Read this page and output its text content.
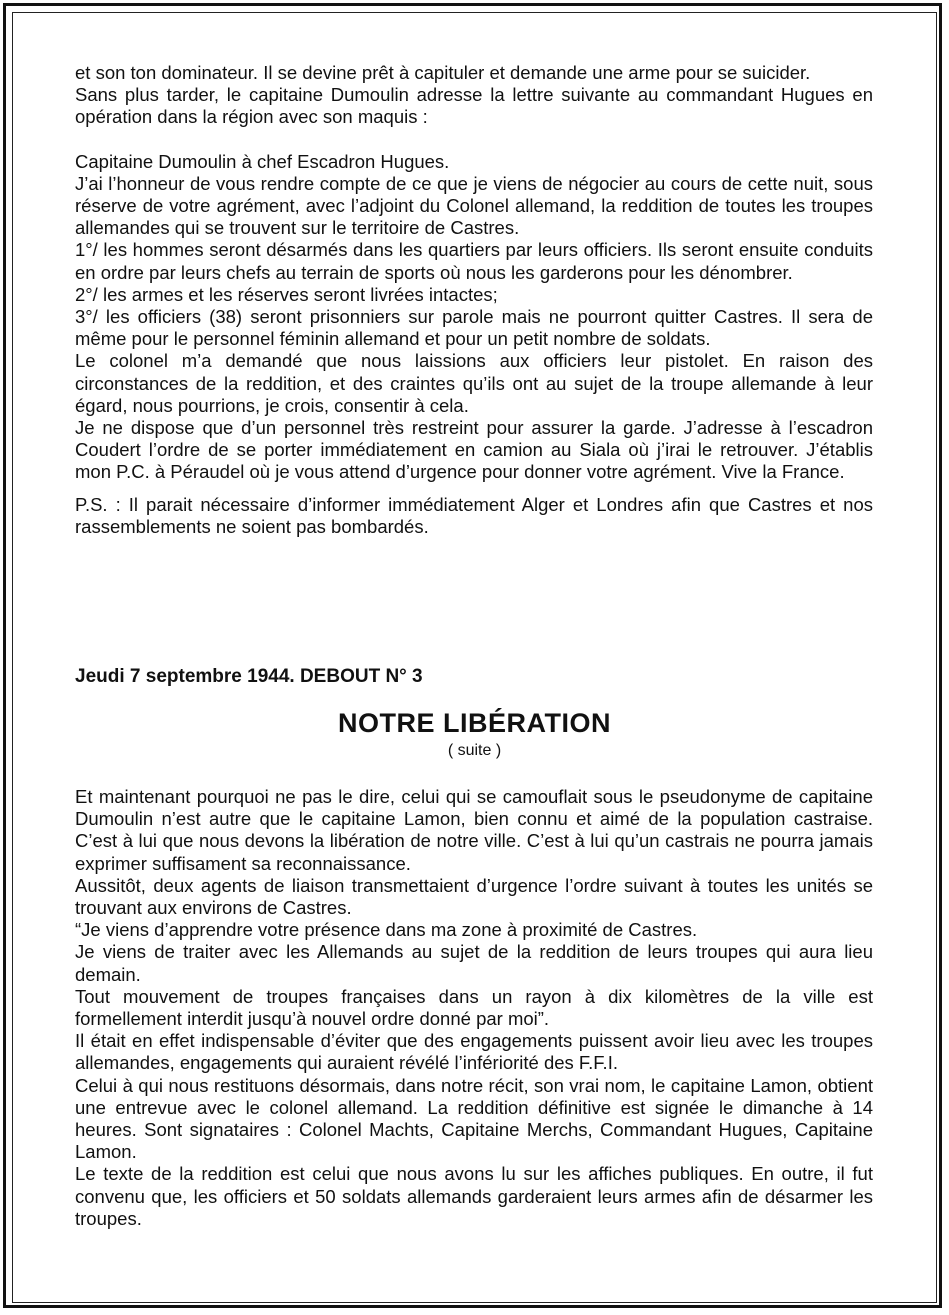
et son ton dominateur. Il se devine prêt à capituler et demande une arme pour se suicider.

Sans plus tarder, le capitaine Dumoulin adresse la lettre suivante au commandant Hugues en opération dans la région avec son maquis :

Capitaine Dumoulin à chef Escadron Hugues.

J’ai l’honneur de vous rendre compte de ce que je viens de négocier au cours de cette nuit, sous réserve de votre agrément, avec l’adjoint du Colonel allemand, la reddition de toutes les troupes allemandes qui se trouvent sur le territoire de Castres.

1°/ les hommes seront désarmés dans les quartiers par leurs officiers. Ils seront ensuite conduits en ordre par leurs chefs au terrain de sports où nous les garderons pour les dénombrer.

2°/ les armes et les réserves seront livrées intactes;

3°/ les officiers (38) seront prisonniers sur parole mais ne pourront quitter Castres. Il sera de même pour le personnel féminin allemand et pour un petit nombre de soldats.

Le colonel m’a demandé que nous laissions aux officiers leur pistolet. En raison des circonstances de la reddition, et des craintes qu’ils ont au sujet de la troupe allemande à leur égard, nous pourrions, je crois, consentir à cela.

Je ne dispose que d’un personnel très restreint pour assurer la garde. J’adresse à l’escadron Coudert l’ordre de se porter immédiatement en camion au Siala où j’irai le retrouver. J’établis mon P.C. à Péraudel où je vous attend d’urgence pour donner votre agrément. Vive la France.

P.S. : Il parait nécessaire d’informer immédiatement Alger et Londres afin que Castres et nos rassemblements ne soient pas bombardés.

Jeudi 7 septembre 1944. DEBOUT N° 3
NOTRE LIBÉRATION
( suite )

Et maintenant pourquoi ne pas le dire, celui qui se camouflait sous le pseudonyme de capitaine Dumoulin n’est autre que le capitaine Lamon, bien connu et aimé de la population castraise. C’est à lui que nous devons la libération de notre ville. C’est à lui qu’un castrais ne pourra jamais exprimer suffisament sa reconnaissance.

Aussitôt, deux agents de liaison transmettaient d’urgence l’ordre suivant à toutes les unités se trouvant aux environs de Castres.

“Je viens d’apprendre votre présence dans ma zone à proximité de Castres.

Je viens de traiter avec les Allemands au sujet de la reddition de leurs troupes qui aura lieu demain.

Tout mouvement de troupes françaises dans un rayon à dix kilomètres de la ville est formellement interdit jusqu’à nouvel ordre donné par moi”.

Il était en effet indispensable d’éviter que des engagements puissent avoir lieu avec les troupes allemandes, engagements qui auraient révélé l’infériorité des F.F.I.

Celui à qui nous restituons désormais, dans notre récit, son vrai nom, le capitaine Lamon, obtient une entrevue avec le colonel allemand. La reddition définitive est signée le dimanche à 14 heures. Sont signataires : Colonel Machts, Capitaine Merchs, Commandant Hugues, Capitaine Lamon.

Le texte de la reddition est celui que nous avons lu sur les affiches publiques. En outre, il fut convenu que, les officiers et 50 soldats allemands garderaient leurs armes afin de désarmer les troupes.
